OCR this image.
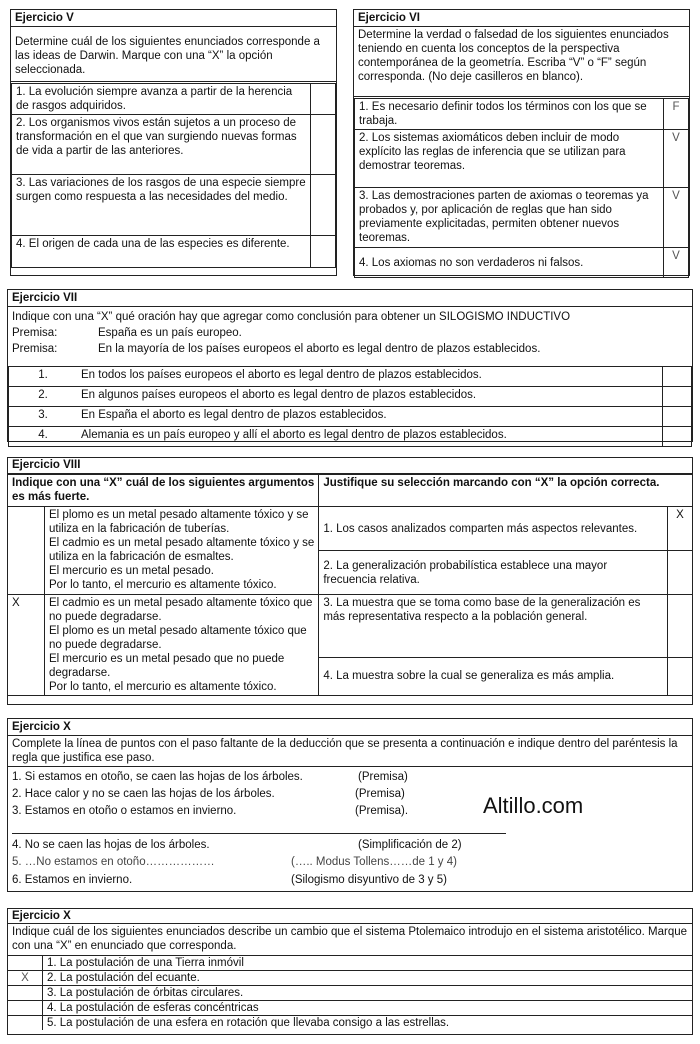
Ejercicio V
Determine cuál de los siguientes enunciados corresponde a las ideas de Darwin. Marque con una “X” la opción seleccionada.
1. La evolución siempre avanza a partir de la herencia de rasgos adquiridos.	
2. Los organismos vivos están sujetos a un proceso de transformación en el que van surgiendo nuevas formas de vida a partir de las anteriores.	
3. Las variaciones de los rasgos de una especie siempre surgen como respuesta a las necesidades del medio.	
4. El origen de cada una de las especies es diferente.	
Ejercicio VI
Determine la verdad o falsedad de los siguientes enunciados teniendo en cuenta los conceptos de la perspectiva contemporánea de la geometría. Escriba “V” o “F” según corresponda. (No deje casilleros en blanco).
1. Es necesario definir todos los términos con los que se trabaja.	F
2. Los sistemas axiomáticos deben incluir de modo explícito las reglas de inferencia que se utilizan para demostrar teoremas.	V
3. Las demostraciones parten de axiomas o teoremas ya probados y, por aplicación de reglas que han sido previamente explicitadas, permiten obtener nuevos teoremas.	V
4. Los axiomas no son verdaderos ni falsos.	V
Ejercicio VII
Indique con una “X” qué oración hay que agregar como conclusión para obtener un SILOGISMO INDUCTIVO
Premisa:	España es un país europeo.
Premisa:	En la mayoría de los países europeos el aborto es legal dentro de plazos establecidos.
1.	En todos los países europeos el aborto es legal dentro de plazos establecidos.	
2.	En algunos países europeos el aborto es legal dentro de plazos establecidos.	
3.	En España el aborto es legal dentro de plazos establecidos.	
4.	Alemania es un país europeo y allí el aborto es legal dentro de plazos establecidos.	
Ejercicio VIII
Indique con una “X” cuál de los siguientes argumentos es más fuerte.		Justifique su selección marcando con “X” la opción correcta.	

	El plomo es un metal pesado altamente tóxico y se utiliza en la fabricación de tuberías.
El cadmio es un metal pesado altamente tóxico y se utiliza en la fabricación de esmaltes.
El mercurio es un metal pesado.
Por lo tanto, el mercurio es altamente tóxico.	1. Los casos analizados comparten más aspectos relevantes.	X
		2. La generalización probabilística establece una mayor frecuencia relativa.	
X	El cadmio es un metal pesado altamente tóxico que no puede degradarse.
El plomo es un metal pesado altamente tóxico que no puede degradarse.
El mercurio es un metal pesado que no puede degradarse.
Por lo tanto, el mercurio es altamente tóxico.	3. La muestra que se toma como base de la generalización es más representativa respecto a la población general.	
		4. La muestra sobre la cual se generaliza es más amplia.	
Ejercicio X
Complete la línea de puntos con el paso faltante de la deducción que se presenta a continuación e indique dentro del paréntesis la regla que justifica ese paso.
1. Si estamos en otoño, se caen las hojas de los árboles.	(Premisa)
2. Hace calor y no se caen las hojas de los árboles.	(Premisa)
3. Estamos en otoño o estamos en invierno.	(Premisa).	Altillo.com
4. No se caen las hojas de los árboles.	(Simplificación de 2)
5. …No estamos en otoño………………	(….. Modus Tollens……de 1 y 4)
6. Estamos en invierno.	(Silogismo disyuntivo de 3 y 5)
Ejercicio X
Indique cuál de los siguientes enunciados describe un cambio que el sistema Ptolemaico introdujo en el sistema aristotélico. Marque con una “X” en enunciado que corresponda.
	1. La postulación de una Tierra inmóvil
X	2. La postulación del ecuante.
	3. La postulación de órbitas circulares.
	4. La postulación de esferas concéntricas
	5. La postulación de una esfera en rotación que llevaba consigo a las estrellas.
